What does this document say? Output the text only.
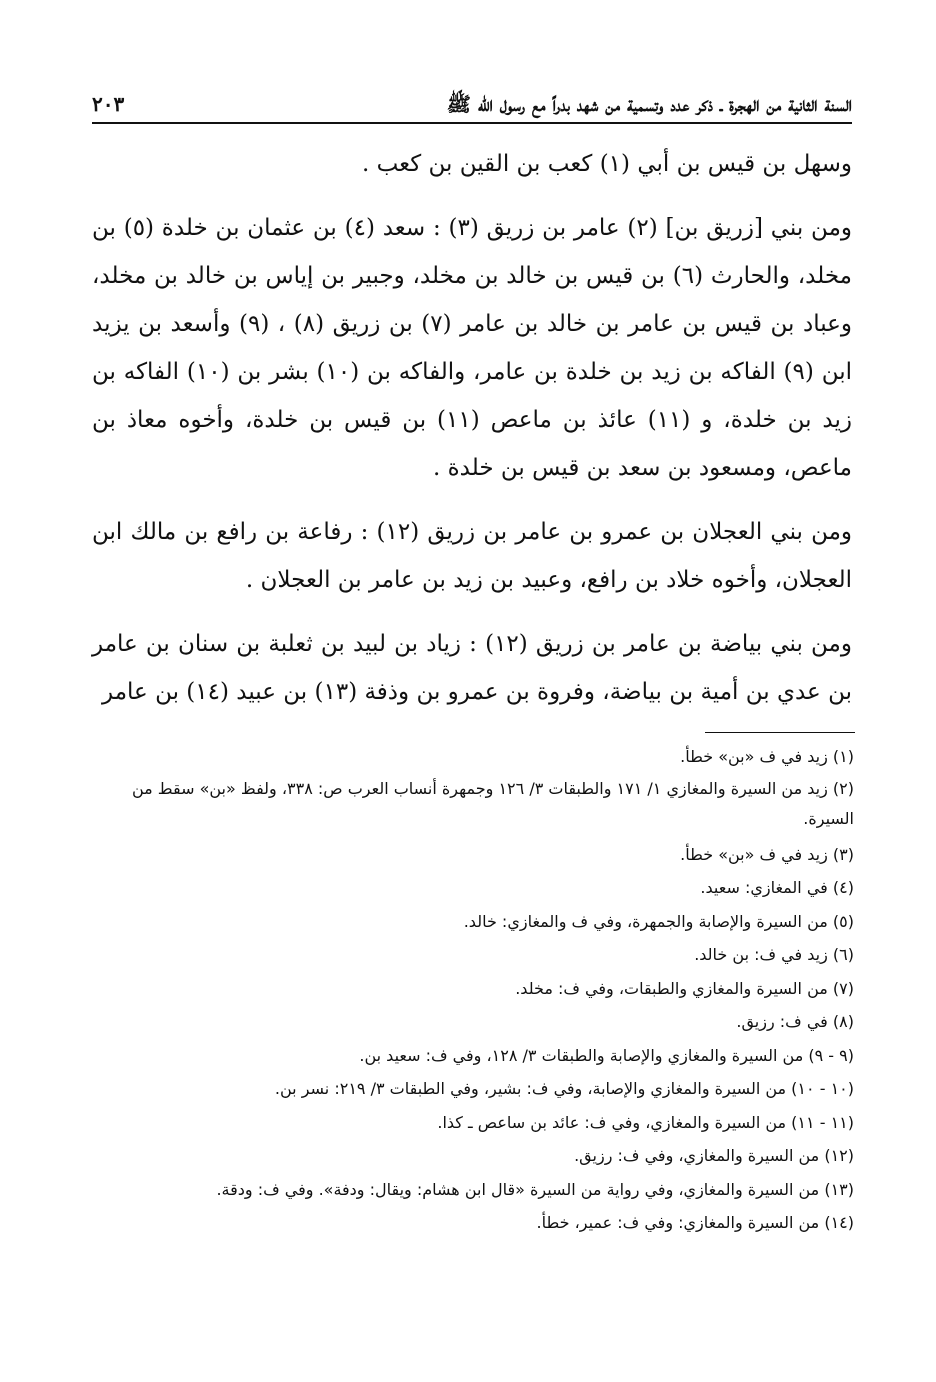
السنة الثانية من الهجرة ـ ذكر عدد وتسمية من شهد بدراً مع رسول الله ﷺ
٢٠٣

وسهل بن قيس بن أبي (١) كعب بن القين بن كعب .

ومن بني [زريق بن] (٢) عامر بن زريق (٣) : سعد (٤) بن عثمان بن خلدة (٥) بن مخلد، والحارث (٦) بن قيس بن خالد بن مخلد، وجبير بن إياس بن خالد بن مخلد، وعباد بن قيس بن عامر بن خالد بن عامر (٧) بن زريق (٨) ، (٩) وأسعد بن يزيد ابن (٩) الفاكه بن زيد بن خلدة بن عامر، والفاكه بن (١٠) بشر بن (١٠) الفاكه بن زيد بن خلدة، و (١١) عائذ بن ماعص (١١) بن قيس بن خلدة، وأخوه معاذ بن ماعص، ومسعود بن سعد بن قيس بن خلدة .

ومن بني العجلان بن عمرو بن عامر بن زريق (١٢) : رفاعة بن رافع بن مالك ابن العجلان، وأخوه خلاد بن رافع، وعبيد بن زيد بن عامر بن العجلان .

ومن بني بياضة بن عامر بن زريق (١٢) : زياد بن لبيد بن ثعلبة بن سنان بن عامر بن عدي بن أمية بن بياضة، وفروة بن عمرو بن وذفة (١٣) بن عبيد (١٤) بن عامر

(١) زيد في ف «بن» خطأ.
(٢) زيد من السيرة والمغازي ١/ ١٧١ والطبقات ٣/ ١٢٦ وجمهرة أنساب العرب ص: ٣٣٨، ولفظ «بن» سقط من السيرة.
(٣) زيد في ف «بن» خطأ.
(٤) في المغازي: سعيد.
(٥) من السيرة والإصابة والجمهرة، وفي ف والمغازي: خالد.
(٦) زيد في ف: بن خالد.
(٧) من السيرة والمغازي والطبقات، وفي ف: مخلد.
(٨) في ف: رزيق.
(٩ - ٩) من السيرة والمغازي والإصابة والطبقات ٣/ ١٢٨، وفي ف: سعيد بن.
(١٠ - ١٠) من السيرة والمغازي والإصابة، وفي ف: بشير، وفي الطبقات ٣/ ٢١٩: نسر بن.
(١١ - ١١) من السيرة والمغازي، وفي ف: عائد بن ساعص ـ كذا.
(١٢) من السيرة والمغازي، وفي ف: رزيق.
(١٣) من السيرة والمغازي، وفي رواية من السيرة «قال ابن هشام: ويقال: ودفة». وفي ف: ودقة.
(١٤) من السيرة والمغازي: وفي ف: عمير، خطأ.
